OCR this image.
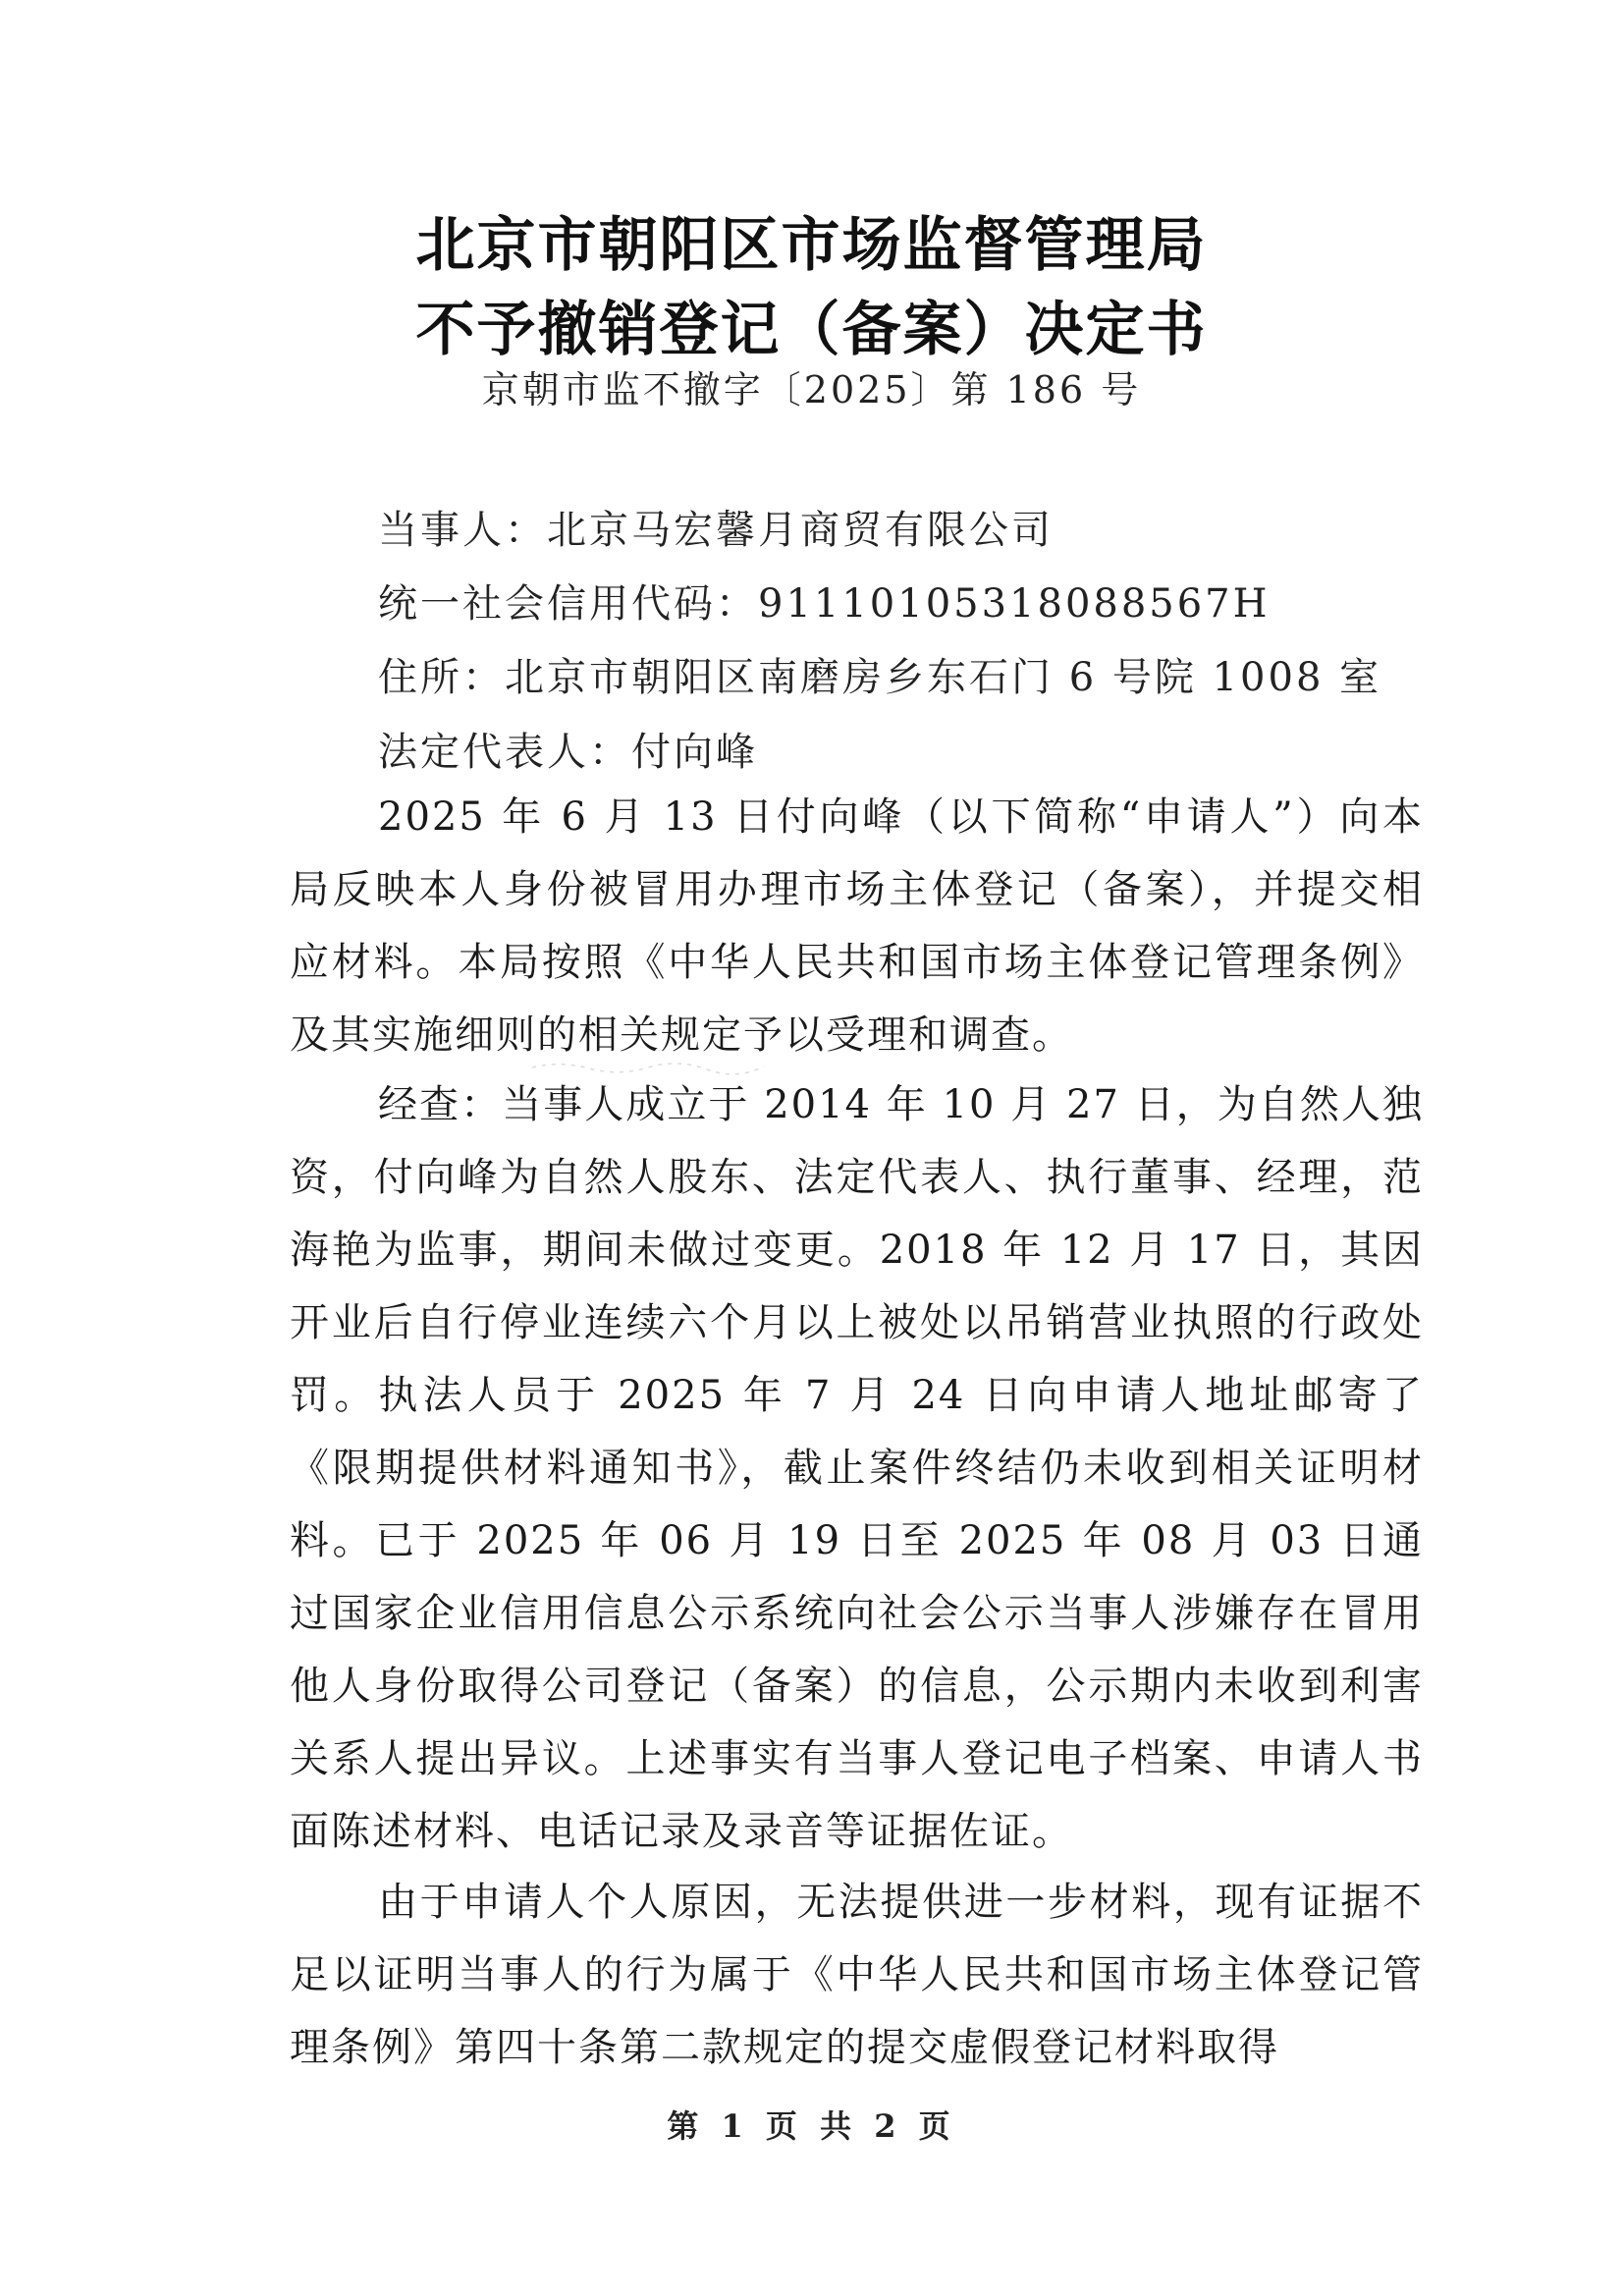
北京市朝阳区市场监督管理局
不予撤销登记（备案）决定书
京朝市监不撤字〔2025〕第 186 号
当事人：北京马宏馨月商贸有限公司
统一社会信用代码：91110105318088567H
住所：北京市朝阳区南磨房乡东石门 6 号院 1008 室
法定代表人：付向峰

2025 年 6 月 13 日付向峰（以下简称“申请人”）向本局反映本人身份被冒用办理市场主体登记（备案），并提交相应材料。本局按照《中华人民共和国市场主体登记管理条例》及其实施细则的相关规定予以受理和调查。

经查：当事人成立于 2014 年 10 月 27 日，为自然人独资，付向峰为自然人股东、法定代表人、执行董事、经理，范海艳为监事，期间未做过变更。2018 年 12 月 17 日，其因开业后自行停业连续六个月以上被处以吊销营业执照的行政处罚。执法人员于 2025 年 7 月 24 日向申请人地址邮寄了《限期提供材料通知书》，截止案件终结仍未收到相关证明材料。已于 2025 年 06 月 19 日至 2025 年 08 月 03 日通过国家企业信用信息公示系统向社会公示当事人涉嫌存在冒用他人身份取得公司登记（备案）的信息，公示期内未收到利害关系人提出异议。上述事实有当事人登记电子档案、申请人书面陈述材料、电话记录及录音等证据佐证。

由于申请人个人原因，无法提供进一步材料，现有证据不足以证明当事人的行为属于《中华人民共和国市场主体登记管理条例》第四十条第二款规定的提交虚假登记材料取得

第 1 页 共 2 页
